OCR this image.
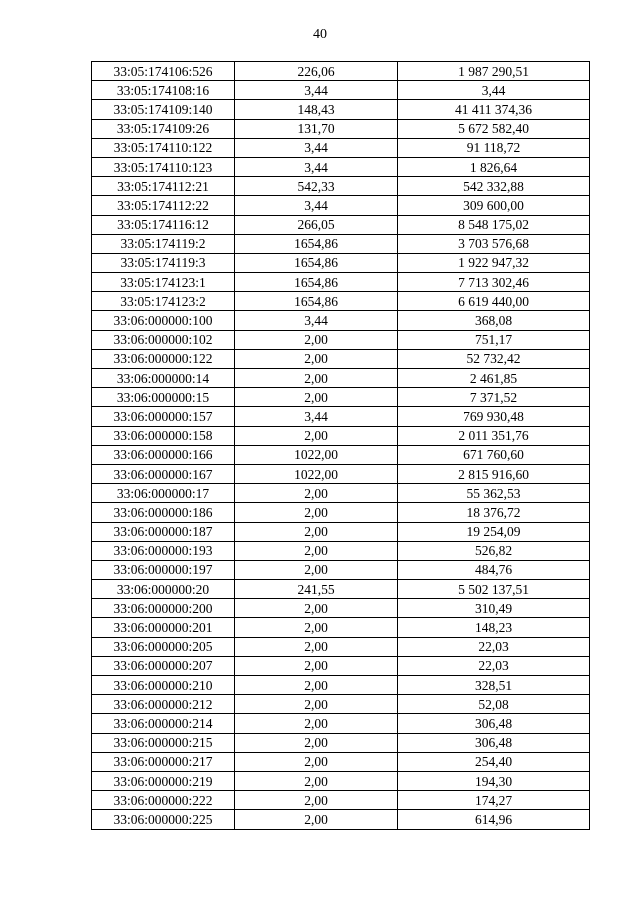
40
33:05:174106:526	226,06	1 987 290,51
33:05:174108:16	3,44	3,44
33:05:174109:140	148,43	41 411 374,36
33:05:174109:26	131,70	5 672 582,40
33:05:174110:122	3,44	91 118,72
33:05:174110:123	3,44	1 826,64
33:05:174112:21	542,33	542 332,88
33:05:174112:22	3,44	309 600,00
33:05:174116:12	266,05	8 548 175,02
33:05:174119:2	1654,86	3 703 576,68
33:05:174119:3	1654,86	1 922 947,32
33:05:174123:1	1654,86	7 713 302,46
33:05:174123:2	1654,86	6 619 440,00
33:06:000000:100	3,44	368,08
33:06:000000:102	2,00	751,17
33:06:000000:122	2,00	52 732,42
33:06:000000:14	2,00	2 461,85
33:06:000000:15	2,00	7 371,52
33:06:000000:157	3,44	769 930,48
33:06:000000:158	2,00	2 011 351,76
33:06:000000:166	1022,00	671 760,60
33:06:000000:167	1022,00	2 815 916,60
33:06:000000:17	2,00	55 362,53
33:06:000000:186	2,00	18 376,72
33:06:000000:187	2,00	19 254,09
33:06:000000:193	2,00	526,82
33:06:000000:197	2,00	484,76
33:06:000000:20	241,55	5 502 137,51
33:06:000000:200	2,00	310,49
33:06:000000:201	2,00	148,23
33:06:000000:205	2,00	22,03
33:06:000000:207	2,00	22,03
33:06:000000:210	2,00	328,51
33:06:000000:212	2,00	52,08
33:06:000000:214	2,00	306,48
33:06:000000:215	2,00	306,48
33:06:000000:217	2,00	254,40
33:06:000000:219	2,00	194,30
33:06:000000:222	2,00	174,27
33:06:000000:225	2,00	614,96
